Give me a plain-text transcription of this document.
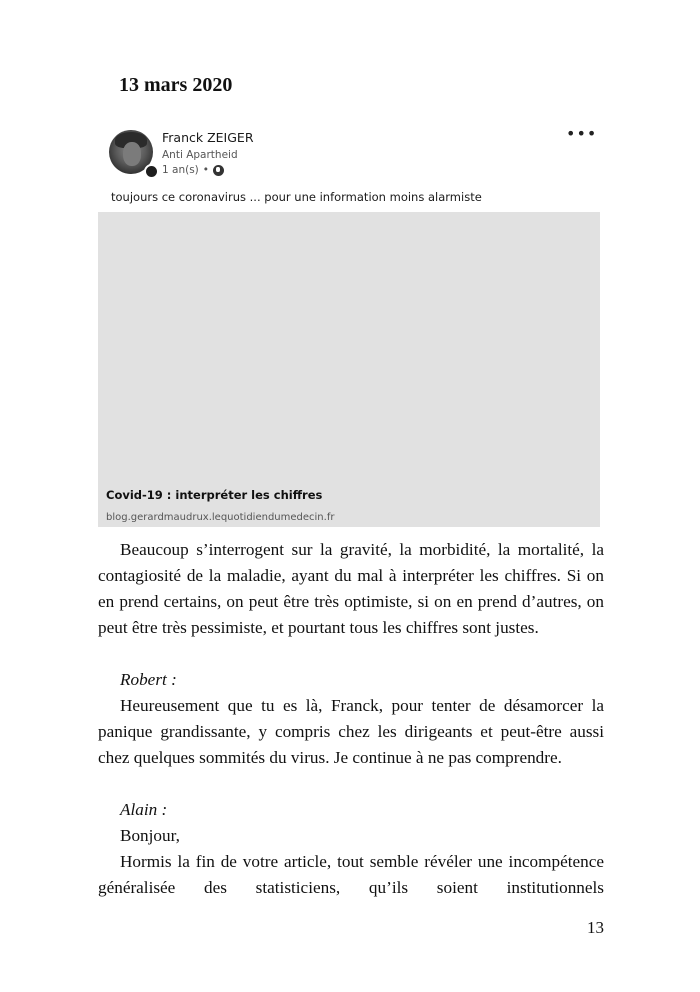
13 mars 2020
Franck ZEIGER
Anti Apartheid
1 an(s) •
•••
toujours ce coronavirus ... pour une information moins alarmiste
Covid-19 : interpréter les chiffres
blog.gerardmaudrux.lequotidiendumedecin.fr

Beaucoup s’interrogent sur la gravité, la morbidité, la mortalité, la contagiosité de la maladie, ayant du mal à interpréter les chiffres. Si on en prend certains, on peut être très optimiste, si on en prend d’autres, on peut être très pessimiste, et pourtant tous les chiffres sont justes.

Robert :

Heureusement que tu es là, Franck, pour tenter de désamorcer la panique grandissante, y compris chez les dirigeants et peut-être aussi chez quelques sommités du virus. Je continue à ne pas comprendre.

Alain :

Bonjour,

Hormis la fin de votre article, tout semble révéler une incompétence généralisée des statisticiens, qu’ils soient institutionnels

13
